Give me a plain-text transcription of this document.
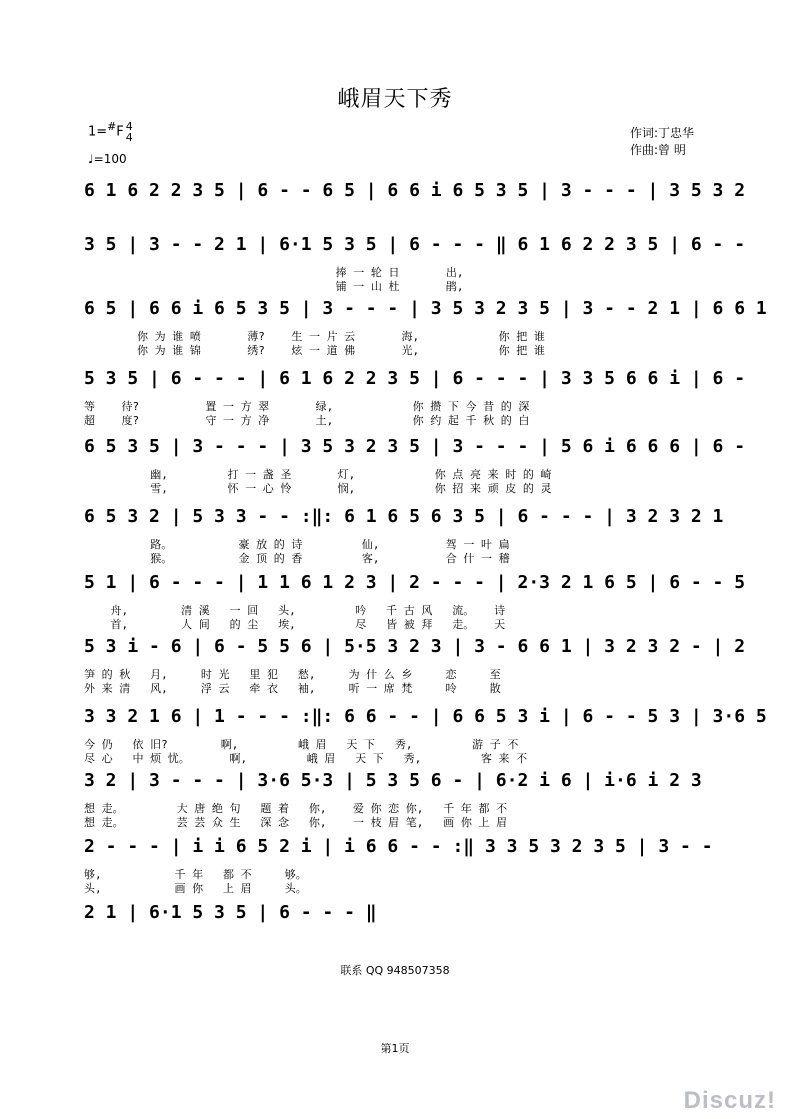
峨眉天下秀
1=#F 4
4
♩=100
作词:丁忠华
作曲:曾 明
6 1 6 2 2 3 5 | 6 - - 6 5 | 6 6 i 6 5 3 5 | 3 - - - | 3 5 3 2
3 5 | 3 - - 2 1 | 6·1 5 3 5 | 6 - - - ‖ 6 1 6 2 2 3 5 | 6 - -
捧 一 轮 日       出,
铺 一 山 杜       鹃,
6 5 | 6 6 i 6 5 3 5 | 3 - - - | 3 5 3 2 3 5 | 3 - - 2 1 | 6 6 1
你 为 谁 喷       薄?    生 一 片 云       海,            你 把 谁
你 为 谁 锦       绣?    炫 一 道 佛       光,            你 把 谁
5 3 5 | 6 - - - | 6 1 6 2 2 3 5 | 6 - - - | 3 3 5 6 6 i | 6 -
等    待?          置 一 方 翠       绿,            你 攒 下 今 昔 的 深
超    度?          守 一 方 净       土,            你 约 起 千 秋 的 白
6 5 3 5 | 3 - - - | 3 5 3 2 3 5 | 3 - - - | 5 6 i 6 6 6 | 6 -
幽,         打 一 盏 圣       灯,            你 点 亮 来 时 的 崎
雪,         怀 一 心 怜       悯,            你 招 来 顽 皮 的 灵
6 5 3 2 | 5 3 3 - - :‖: 6 1 6 5 6 3 5 | 6 - - - | 3 2 3 2 1
路。          豪 放 的 诗         仙,          驾 一 叶 扁
猴。          金 顶 的 香         客,          合 什 一 稽
5 1 | 6 - - - | 1 1 6 1 2 3 | 2 - - - | 2·3 2 1 6 5 | 6 - - 5
舟,        清 溪   一 回   头,         吟   千 古 风   流。   诗
首,        人 间   的 尘   埃,         尽   皆 被 拜   走。   天
5 3 i - 6 | 6 - 5 5 6 | 5·5 3 2 3 | 3 - 6 6 1 | 3 2 3 2 - | 2
笋 的 秋   月,     时 光   里 犯   愁,     为 什 么 乡     恋     至
外 来 清   风,     浮 云   牵 衣   袖,     听 一 席 梵     呤     散
3 3 2 1 6 | 1 - - - :‖: 6 6 - - | 6 6 5 3 i | 6 - - 5 3 | 3·6 5
今 仍   依 旧?        啊,         峨 眉   天 下   秀,         游 子 不
尽 心   中 烦 忧。      啊,         峨 眉   天 下   秀,         客 来 不
3 2 | 3 - - - | 3·6 5·3 | 5 3 5 6 - | 6·2 i 6 | i·6 i 2 3
想 走。        大 唐 绝 句   题 着   你,    爱 你 恋 你,   千 年 都 不
想 走。        芸 芸 众 生   深 念   你,    一 枝 眉 笔,   画 你 上 眉
2 - - - | i i 6 5 2 i | i 6 6 - - :‖ 3 3 5 3 2 3 5 | 3 - -
够,           千 年   都 不     够。
头,           画 你   上 眉     头。
2 1 | 6·1 5 3 5 | 6 - - - ‖
联系 QQ 948507358
第1页
Discuz!
